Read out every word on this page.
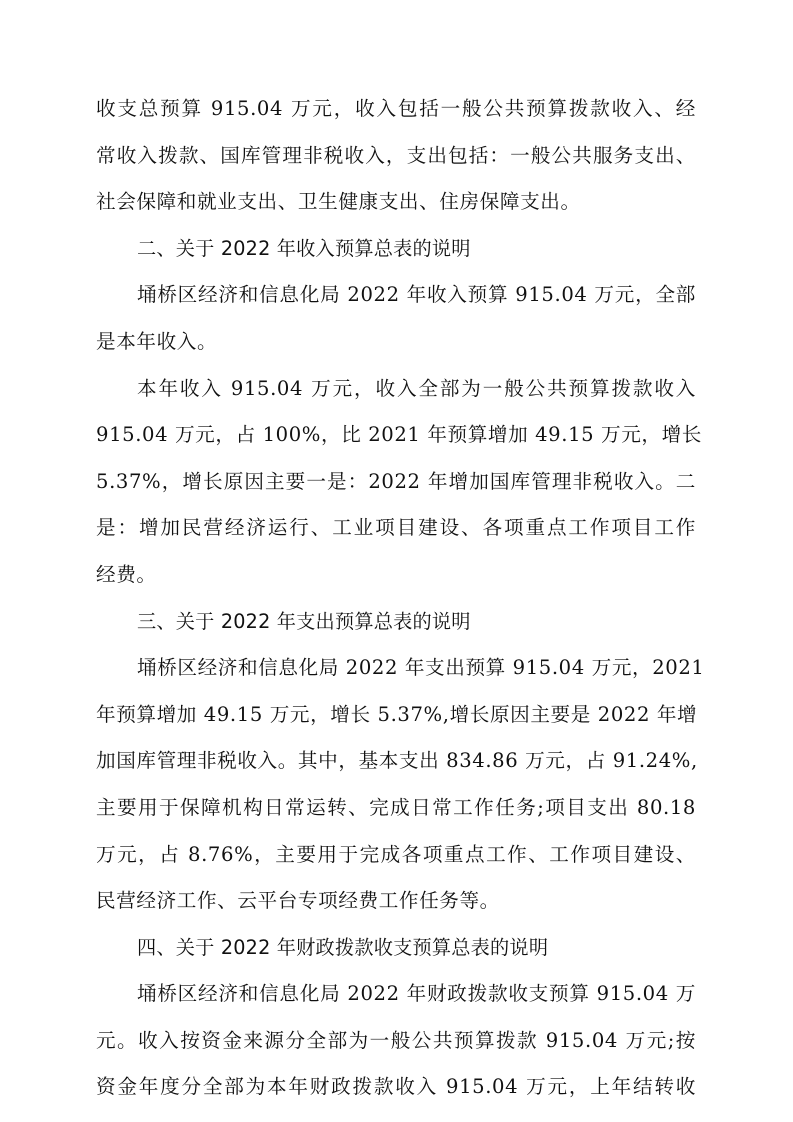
收支总预算 915.04 万元，收入包括一般公共预算拨款收入、经
常收入拨款、国库管理非税收入，支出包括：一般公共服务支出、
社会保障和就业支出、卫生健康支出、住房保障支出。
二、关于 2022 年收入预算总表的说明
埇桥区经济和信息化局 2022 年收入预算 915.04 万元，全部
是本年收入。
本年收入 915.04 万元，收入全部为一般公共预算拨款收入
915.04 万元，占 100%，比 2021 年预算增加 49.15 万元，增长
5.37%，增长原因主要一是：2022 年增加国库管理非税收入。二
是：增加民营经济运行、工业项目建设、各项重点工作项目工作
经费。
三、关于 2022 年支出预算总表的说明
埇桥区经济和信息化局 2022 年支出预算 915.04 万元，2021
年预算增加 49.15 万元，增长 5.37%,增长原因主要是 2022 年增
加国库管理非税收入。其中，基本支出 834.86 万元，占 91.24%,
主要用于保障机构日常运转、完成日常工作任务;项目支出 80.18
万元，占 8.76%，主要用于完成各项重点工作、工作项目建设、
民营经济工作、云平台专项经费工作任务等。
四、关于 2022 年财政拨款收支预算总表的说明
埇桥区经济和信息化局 2022 年财政拨款收支预算 915.04 万
元。收入按资金来源分全部为一般公共预算拨款 915.04 万元;按
资金年度分全部为本年财政拨款收入 915.04 万元，上年结转收
